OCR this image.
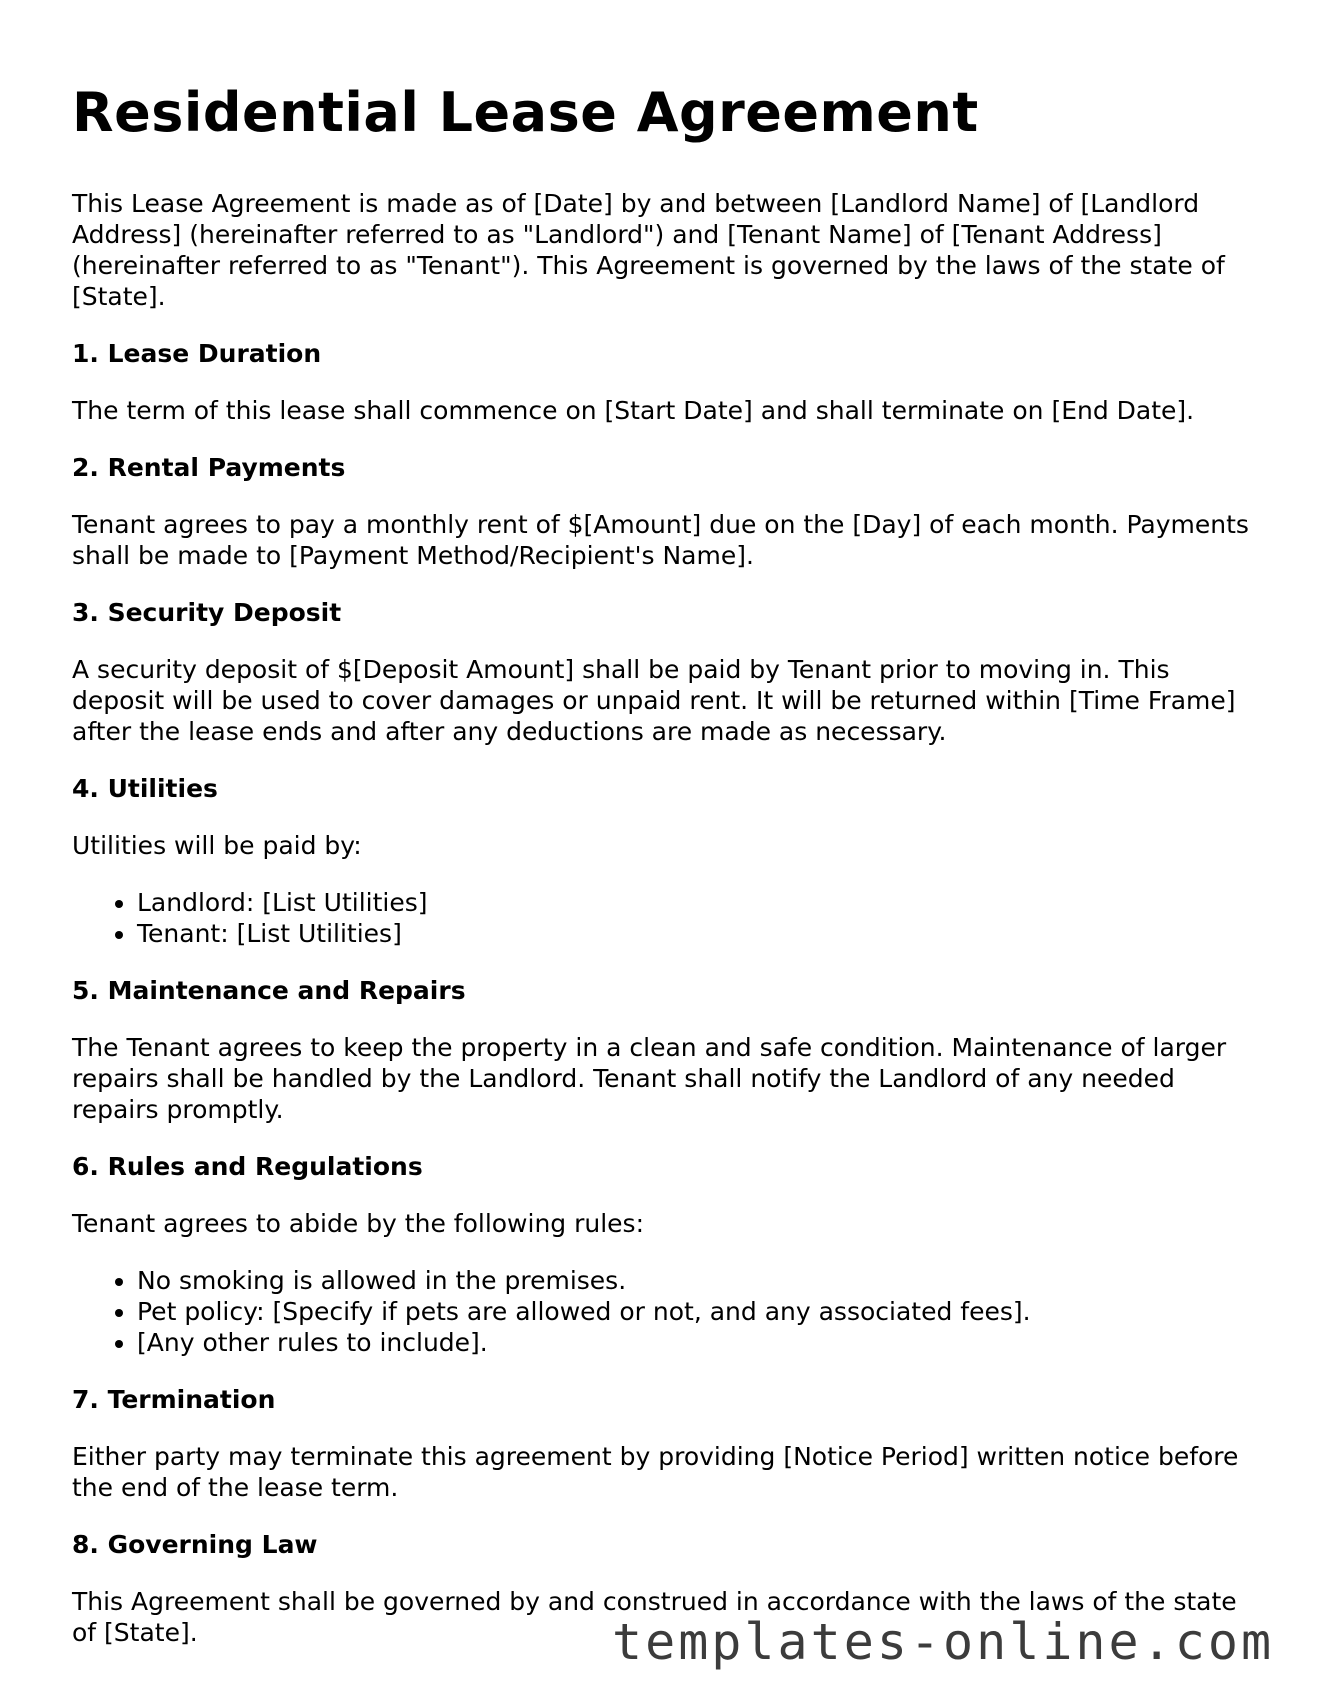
Residential Lease Agreement

This Lease Agreement is made as of [Date] by and between [Landlord Name] of [Landlord Address] (hereinafter referred to as "Landlord") and [Tenant Name] of [Tenant Address] (hereinafter referred to as "Tenant"). This Agreement is governed by the laws of the state of [State].

1. Lease Duration

The term of this lease shall commence on [Start Date] and shall terminate on [End Date].

2. Rental Payments

Tenant agrees to pay a monthly rent of $[Amount] due on the [Day] of each month. Payments shall be made to [Payment Method/Recipient's Name].

3. Security Deposit

A security deposit of $[Deposit Amount] shall be paid by Tenant prior to moving in. This deposit will be used to cover damages or unpaid rent. It will be returned within [Time Frame] after the lease ends and after any deductions are made as necessary.

4. Utilities

Utilities will be paid by:

• Landlord: [List Utilities]
• Tenant: [List Utilities]
5. Maintenance and Repairs

The Tenant agrees to keep the property in a clean and safe condition. Maintenance of larger repairs shall be handled by the Landlord. Tenant shall notify the Landlord of any needed repairs promptly.

6. Rules and Regulations

Tenant agrees to abide by the following rules:

• No smoking is allowed in the premises.
• Pet policy: [Specify if pets are allowed or not, and any associated fees].
• [Any other rules to include].
7. Termination

Either party may terminate this agreement by providing [Notice Period] written notice before the end of the lease term.

8. Governing Law

This Agreement shall be governed by and construed in accordance with the laws of the state of [State].	templates-online.com
